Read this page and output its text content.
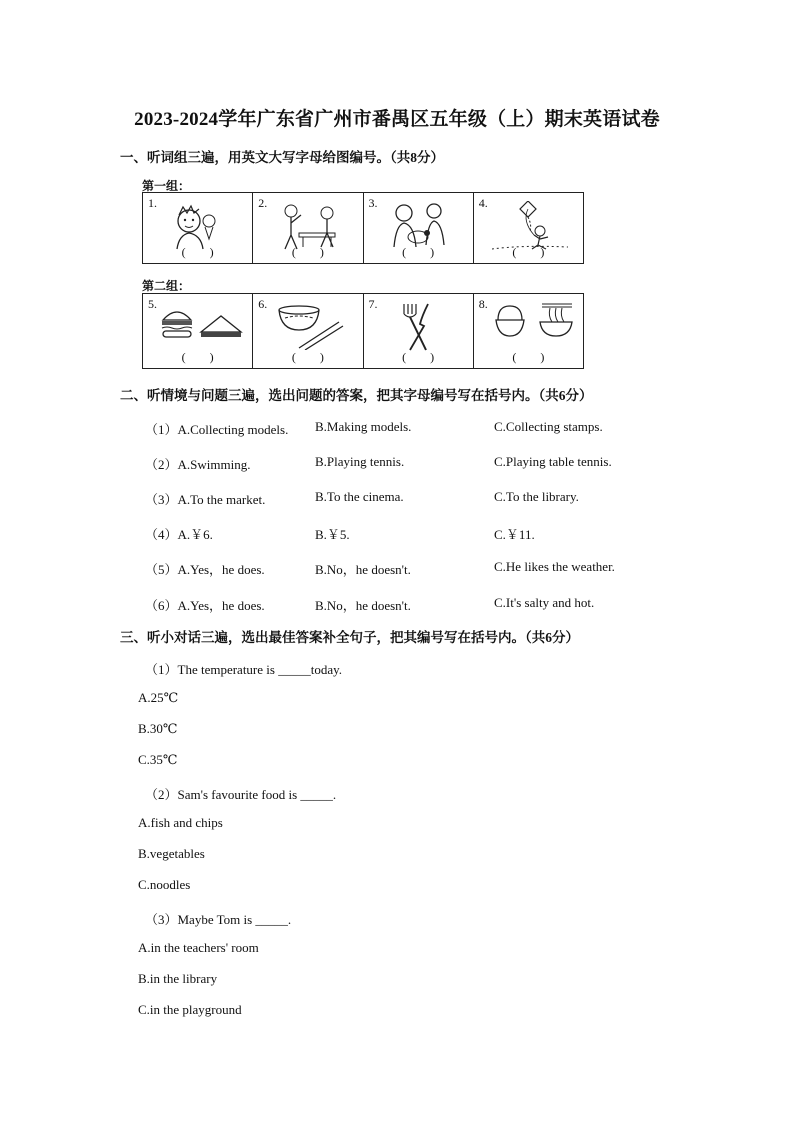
2023-2024学年广东省广州市番禺区五年级（上）期末英语试卷
一、听词组三遍，用英文大写字母给图编号。（共8分）
第一组：
1.
(　　)
2.
(　　)
3.
(　　)
4.
(　　)
第二组：
5.
(　　)
6.
(　　)
7.
(　　)
8.
(　　)
二、听情境与问题三遍，选出问题的答案，把其字母编号写在括号内。（共6分）
（1）A.Collecting models. B.Making models.	C.Collecting stamps.
（2）A.Swimming.	B.Playing tennis.	C.Playing table tennis.
（3）A.To the market.	B.To the cinema.	C.To the library.
（4）A.￥6.	B.￥5.	C.￥11.
（5）A.Yes，he does.	B.No，he doesn't.	C.He likes the weather.
（6）A.Yes，he does.	B.No，he doesn't.	C.It's salty and hot.
三、听小对话三遍，选出最佳答案补全句子，把其编号写在括号内。（共6分）
（1）The temperature is _____today.
A.25℃
B.30℃
C.35℃
（2）Sam's favourite food is _____.
A.fish and chips
B.vegetables
C.noodles
（3）Maybe Tom is _____.
A.in the teachers' room
B.in the library
C.in the playground
